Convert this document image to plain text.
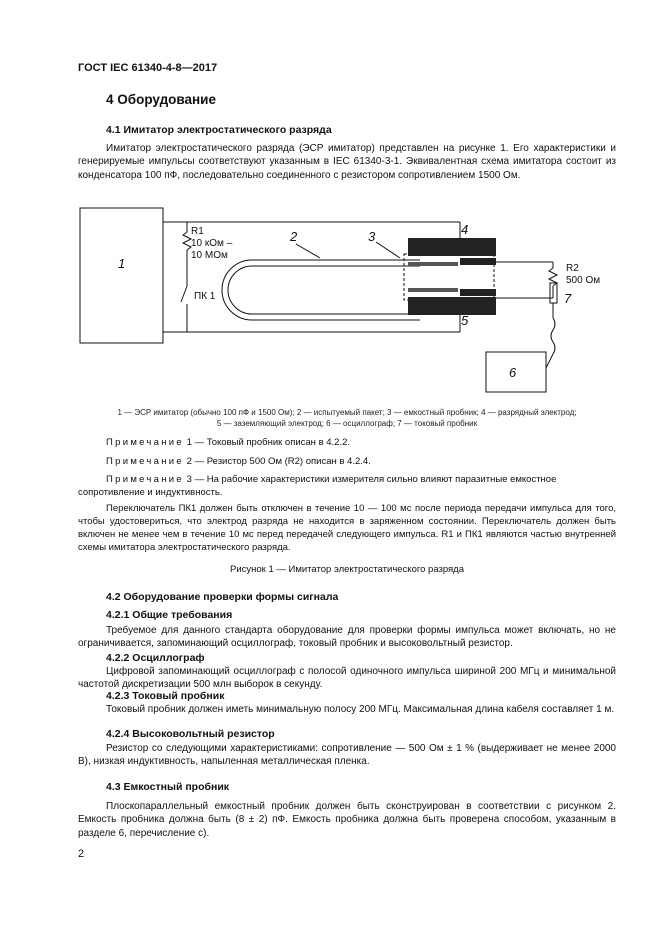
ГОСТ IEC 61340-4-8—2017
4 Оборудование
4.1 Имитатор электростатического разряда

Имитатор электростатического разряда (ЭСР имитатор) представлен на рисунке 1. Его характеристики и генерируемые импульсы соответствуют указанным в IEC 61340-3-1. Эквивалентная схема имитатора состоит из конденсатора 100 пФ, последовательно соединенного с резистором сопротивлением 1500 Ом.

1
R1
10 кОм –
10 МОм
ПК 1
2	3	4
5
R2
500 Ом
7
6
1 — ЭСР имитатор (обычно 100 пФ и 1500 Ом); 2 — испытуемый пакет; 3 — емкостный пробник; 4 — разрядный электрод;
5 — заземляющий электрод; 6 — осциллограф; 7 — токовый пробник

Примечание 1 — Токовый пробник описан в 4.2.2.

Примечание 2 — Резистор 500 Ом (R2) описан в 4.2.4.

Примечание 3 — На рабочие характеристики измерителя сильно влияют паразитные емкостное сопротивление и индуктивность.

Переключатель ПК1 должен быть отключен в течение 10 — 100 мс после периода передачи импульса для того, чтобы удостовериться, что электрод разряда не находится в заряженном состоянии. Переключатель должен быть включен не менее чем в течение 10 мс перед передачей следующего импульса. R1 и ПК1 являются частью внутренней схемы имитатора электростатического разряда.

Рисунок 1 — Имитатор электростатического разряда
4.2 Оборудование проверки формы сигнала
4.2.1 Общие требования

Требуемое для данного стандарта оборудование для проверки формы импульса может включать, но не ограничивается, запоминающий осциллограф, токовый пробник и высоковольтный резистор.

4.2.2 Осциллограф

Цифровой запоминающий осциллограф с полосой одиночного импульса шириной 200 МГц и минимальной частотой дискретизации 500 млн выборок в секунду.

4.2.3 Токовый пробник

Токовый пробник должен иметь минимальную полосу 200 МГц. Максимальная длина кабеля составляет 1 м.

4.2.4 Высоковольтный резистор

Резистор со следующими характеристиками: сопротивление — 500 Ом ± 1 % (выдерживает не менее 2000 В), низкая индуктивность, напыленная металлическая пленка.

4.3 Емкостный пробник

Плоскопараллельный емкостный пробник должен быть сконструирован в соответствии с рисунком 2. Емкость пробника должна быть (8 ± 2) пФ. Емкость пробника должна быть проверена способом, указанным в разделе 6, перечисление с).

2
